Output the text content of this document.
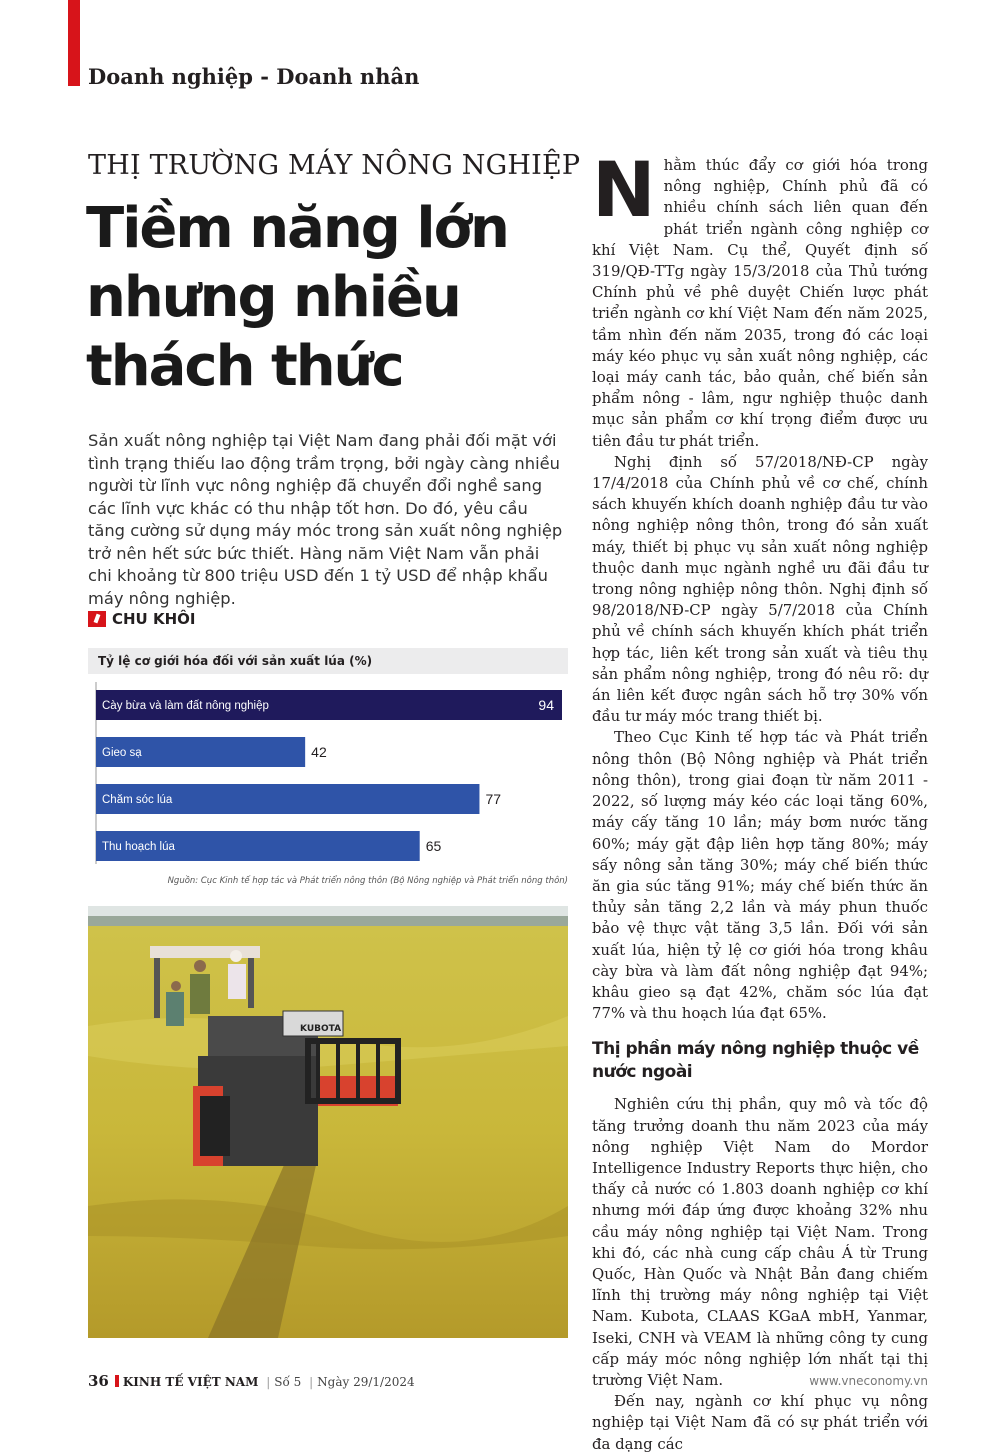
Doanh nghiệp - Doanh nhân
THỊ TRƯỜNG MÁY NÔNG NGHIỆP
Tiềm năng lớn
nhưng nhiều
thách thức

Sản xuất nông nghiệp tại Việt Nam đang phải đối mặt với tình trạng thiếu lao động trầm trọng, bởi ngày càng nhiều người từ lĩnh vực nông nghiệp đã chuyển đổi nghề sang các lĩnh vực khác có thu nhập tốt hơn. Do đó, yêu cầu tăng cường sử dụng máy móc trong sản xuất nông nghiệp trở nên hết sức bức thiết. Hàng năm Việt Nam vẫn phải chi khoảng từ 800 triệu USD đến 1 tỷ USD để nhập khẩu máy nông nghiệp.

CHU KHÔI
Tỷ lệ cơ giới hóa đối với sản xuất lúa (%)
Cày bừa và làm đất nông nghiệp	94
Gieo sạ	42
Chăm sóc lúa	77
Thu hoạch lúa	65
Nguồn: Cục Kinh tế hợp tác và Phát triển nông thôn (Bộ Nông nghiệp và Phát triển nông thôn)
KUBOTA

Nhằm thúc đẩy cơ giới hóa trong nông nghiệp, Chính phủ đã có nhiều chính sách liên quan đến phát triển ngành công nghiệp cơ khí Việt Nam. Cụ thể, Quyết định số 319/QĐ-TTg ngày 15/3/2018 của Thủ tướng Chính phủ về phê duyệt Chiến lược phát triển ngành cơ khí Việt Nam đến năm 2025, tầm nhìn đến năm 2035, trong đó các loại máy kéo phục vụ sản xuất nông nghiệp, các loại máy canh tác, bảo quản, chế biến sản phẩm nông - lâm, ngư nghiệp thuộc danh mục sản phẩm cơ khí trọng điểm được ưu tiên đầu tư phát triển.

Nghị định số 57/2018/NĐ-CP ngày 17/4/2018 của Chính phủ về cơ chế, chính sách khuyến khích doanh nghiệp đầu tư vào nông nghiệp nông thôn, trong đó sản xuất máy, thiết bị phục vụ sản xuất nông nghiệp thuộc danh mục ngành nghề ưu đãi đầu tư trong nông nghiệp nông thôn. Nghị định số 98/2018/NĐ-CP ngày 5/7/2018 của Chính phủ về chính sách khuyến khích phát triển hợp tác, liên kết trong sản xuất và tiêu thụ sản phẩm nông nghiệp, trong đó nêu rõ: dự án liên kết được ngân sách hỗ trợ 30% vốn đầu tư máy móc trang thiết bị.

Theo Cục Kinh tế hợp tác và Phát triển nông thôn (Bộ Nông nghiệp và Phát triển nông thôn), trong giai đoạn từ năm 2011 - 2022, số lượng máy kéo các loại tăng 60%, máy cấy tăng 10 lần; máy bơm nước tăng 60%; máy gặt đập liên hợp tăng 80%; máy sấy nông sản tăng 30%; máy chế biến thức ăn gia súc tăng 91%; máy chế biến thức ăn thủy sản tăng 2,2 lần và máy phun thuốc bảo vệ thực vật tăng 3,5 lần. Đối với sản xuất lúa, hiện tỷ lệ cơ giới hóa trong khâu cày bừa và làm đất nông nghiệp đạt 94%; khâu gieo sạ đạt 42%, chăm sóc lúa đạt 77% và thu hoạch lúa đạt 65%.

Thị phần máy nông nghiệp thuộc về nước ngoài

Nghiên cứu thị phần, quy mô và tốc độ tăng trưởng doanh thu năm 2023 của máy nông nghiệp Việt Nam do Mordor Intelligence Industry Reports thực hiện, cho thấy cả nước có 1.803 doanh nghiệp cơ khí nhưng mới đáp ứng được khoảng 32% nhu cầu máy nông nghiệp tại Việt Nam. Trong khi đó, các nhà cung cấp châu Á từ Trung Quốc, Hàn Quốc và Nhật Bản đang chiếm lĩnh thị trường máy nông nghiệp tại Việt Nam. Kubota, CLAAS KGaA mbH, Yanmar, Iseki, CNH và VEAM là những công ty cung cấp máy móc nông nghiệp lớn nhất tại thị trường Việt Nam.

Đến nay, ngành cơ khí phục vụ nông nghiệp tại Việt Nam đã có sự phát triển với đa dạng các

36 KINH TẾ VIỆT NAM | Số 5 | Ngày 29/1/2024	www.vneconomy.vn
